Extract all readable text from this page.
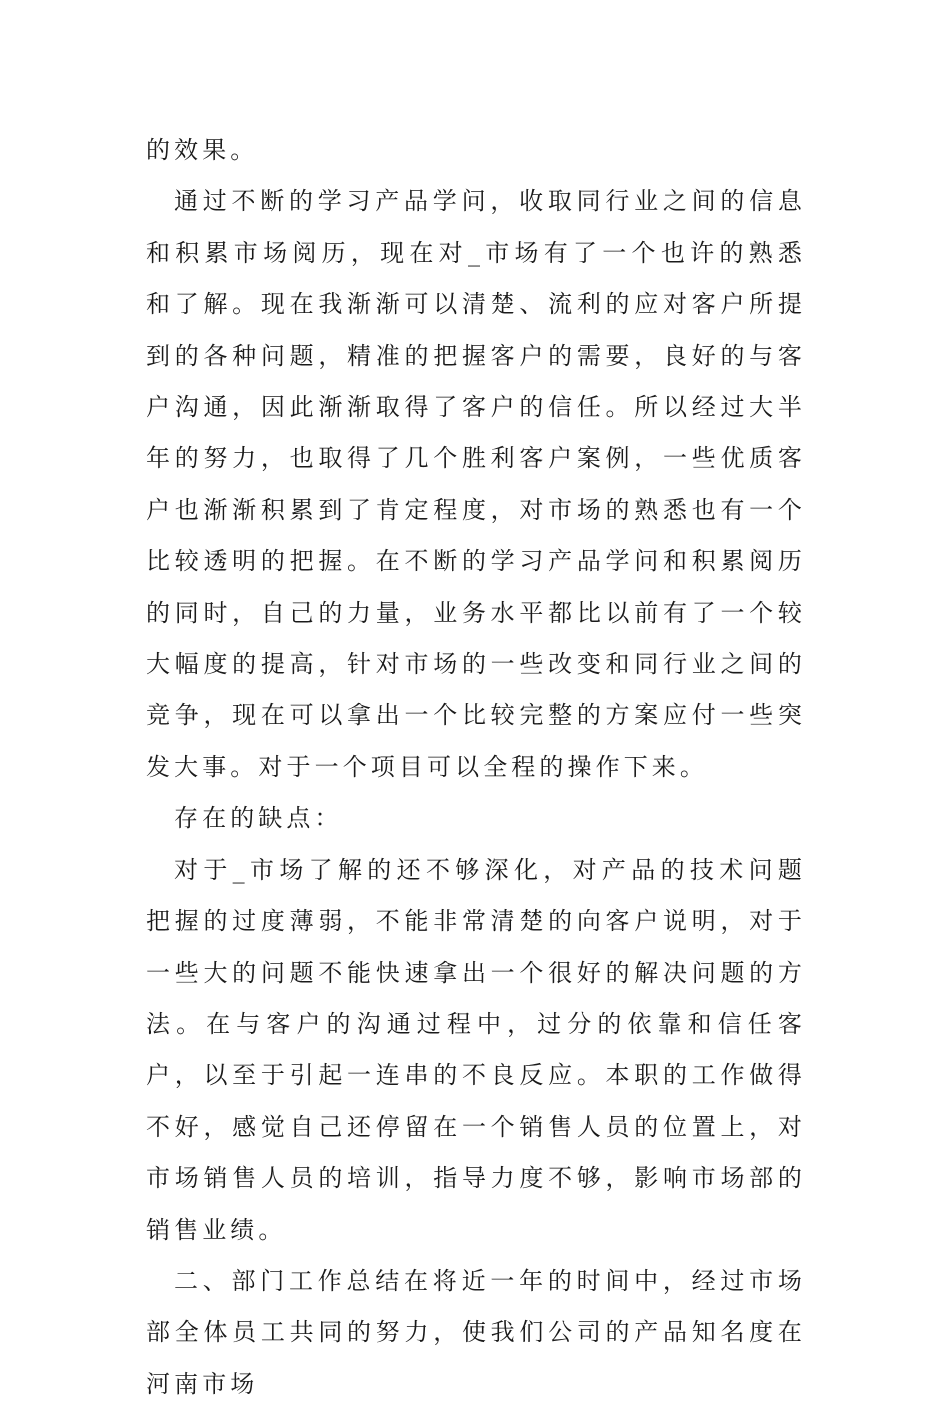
的效果。

通过不断的学习产品学问，收取同行业之间的信息和积累市场阅历，现在对_市场有了一个也许的熟悉和了解。现在我渐渐可以清楚、流利的应对客户所提到的各种问题，精准的把握客户的需要，良好的与客户沟通，因此渐渐取得了客户的信任。所以经过大半年的努力，也取得了几个胜利客户案例，一些优质客户也渐渐积累到了肯定程度，对市场的熟悉也有一个比较透明的把握。在不断的学习产品学问和积累阅历的同时，自己的力量，业务水平都比以前有了一个较大幅度的提高，针对市场的一些改变和同行业之间的竞争，现在可以拿出一个比较完整的方案应付一些突发大事。对于一个项目可以全程的操作下来。

存在的缺点：

对于_市场了解的还不够深化，对产品的技术问题把握的过度薄弱，不能非常清楚的向客户说明，对于一些大的问题不能快速拿出一个很好的解决问题的方法。在与客户的沟通过程中，过分的依靠和信任客户，以至于引起一连串的不良反应。本职的工作做得不好，感觉自己还停留在一个销售人员的位置上，对市场销售人员的培训，指导力度不够，影响市场部的销售业绩。

二、部门工作总结在将近一年的时间中，经过市场部全体员工共同的努力，使我们公司的产品知名度在河南市场
